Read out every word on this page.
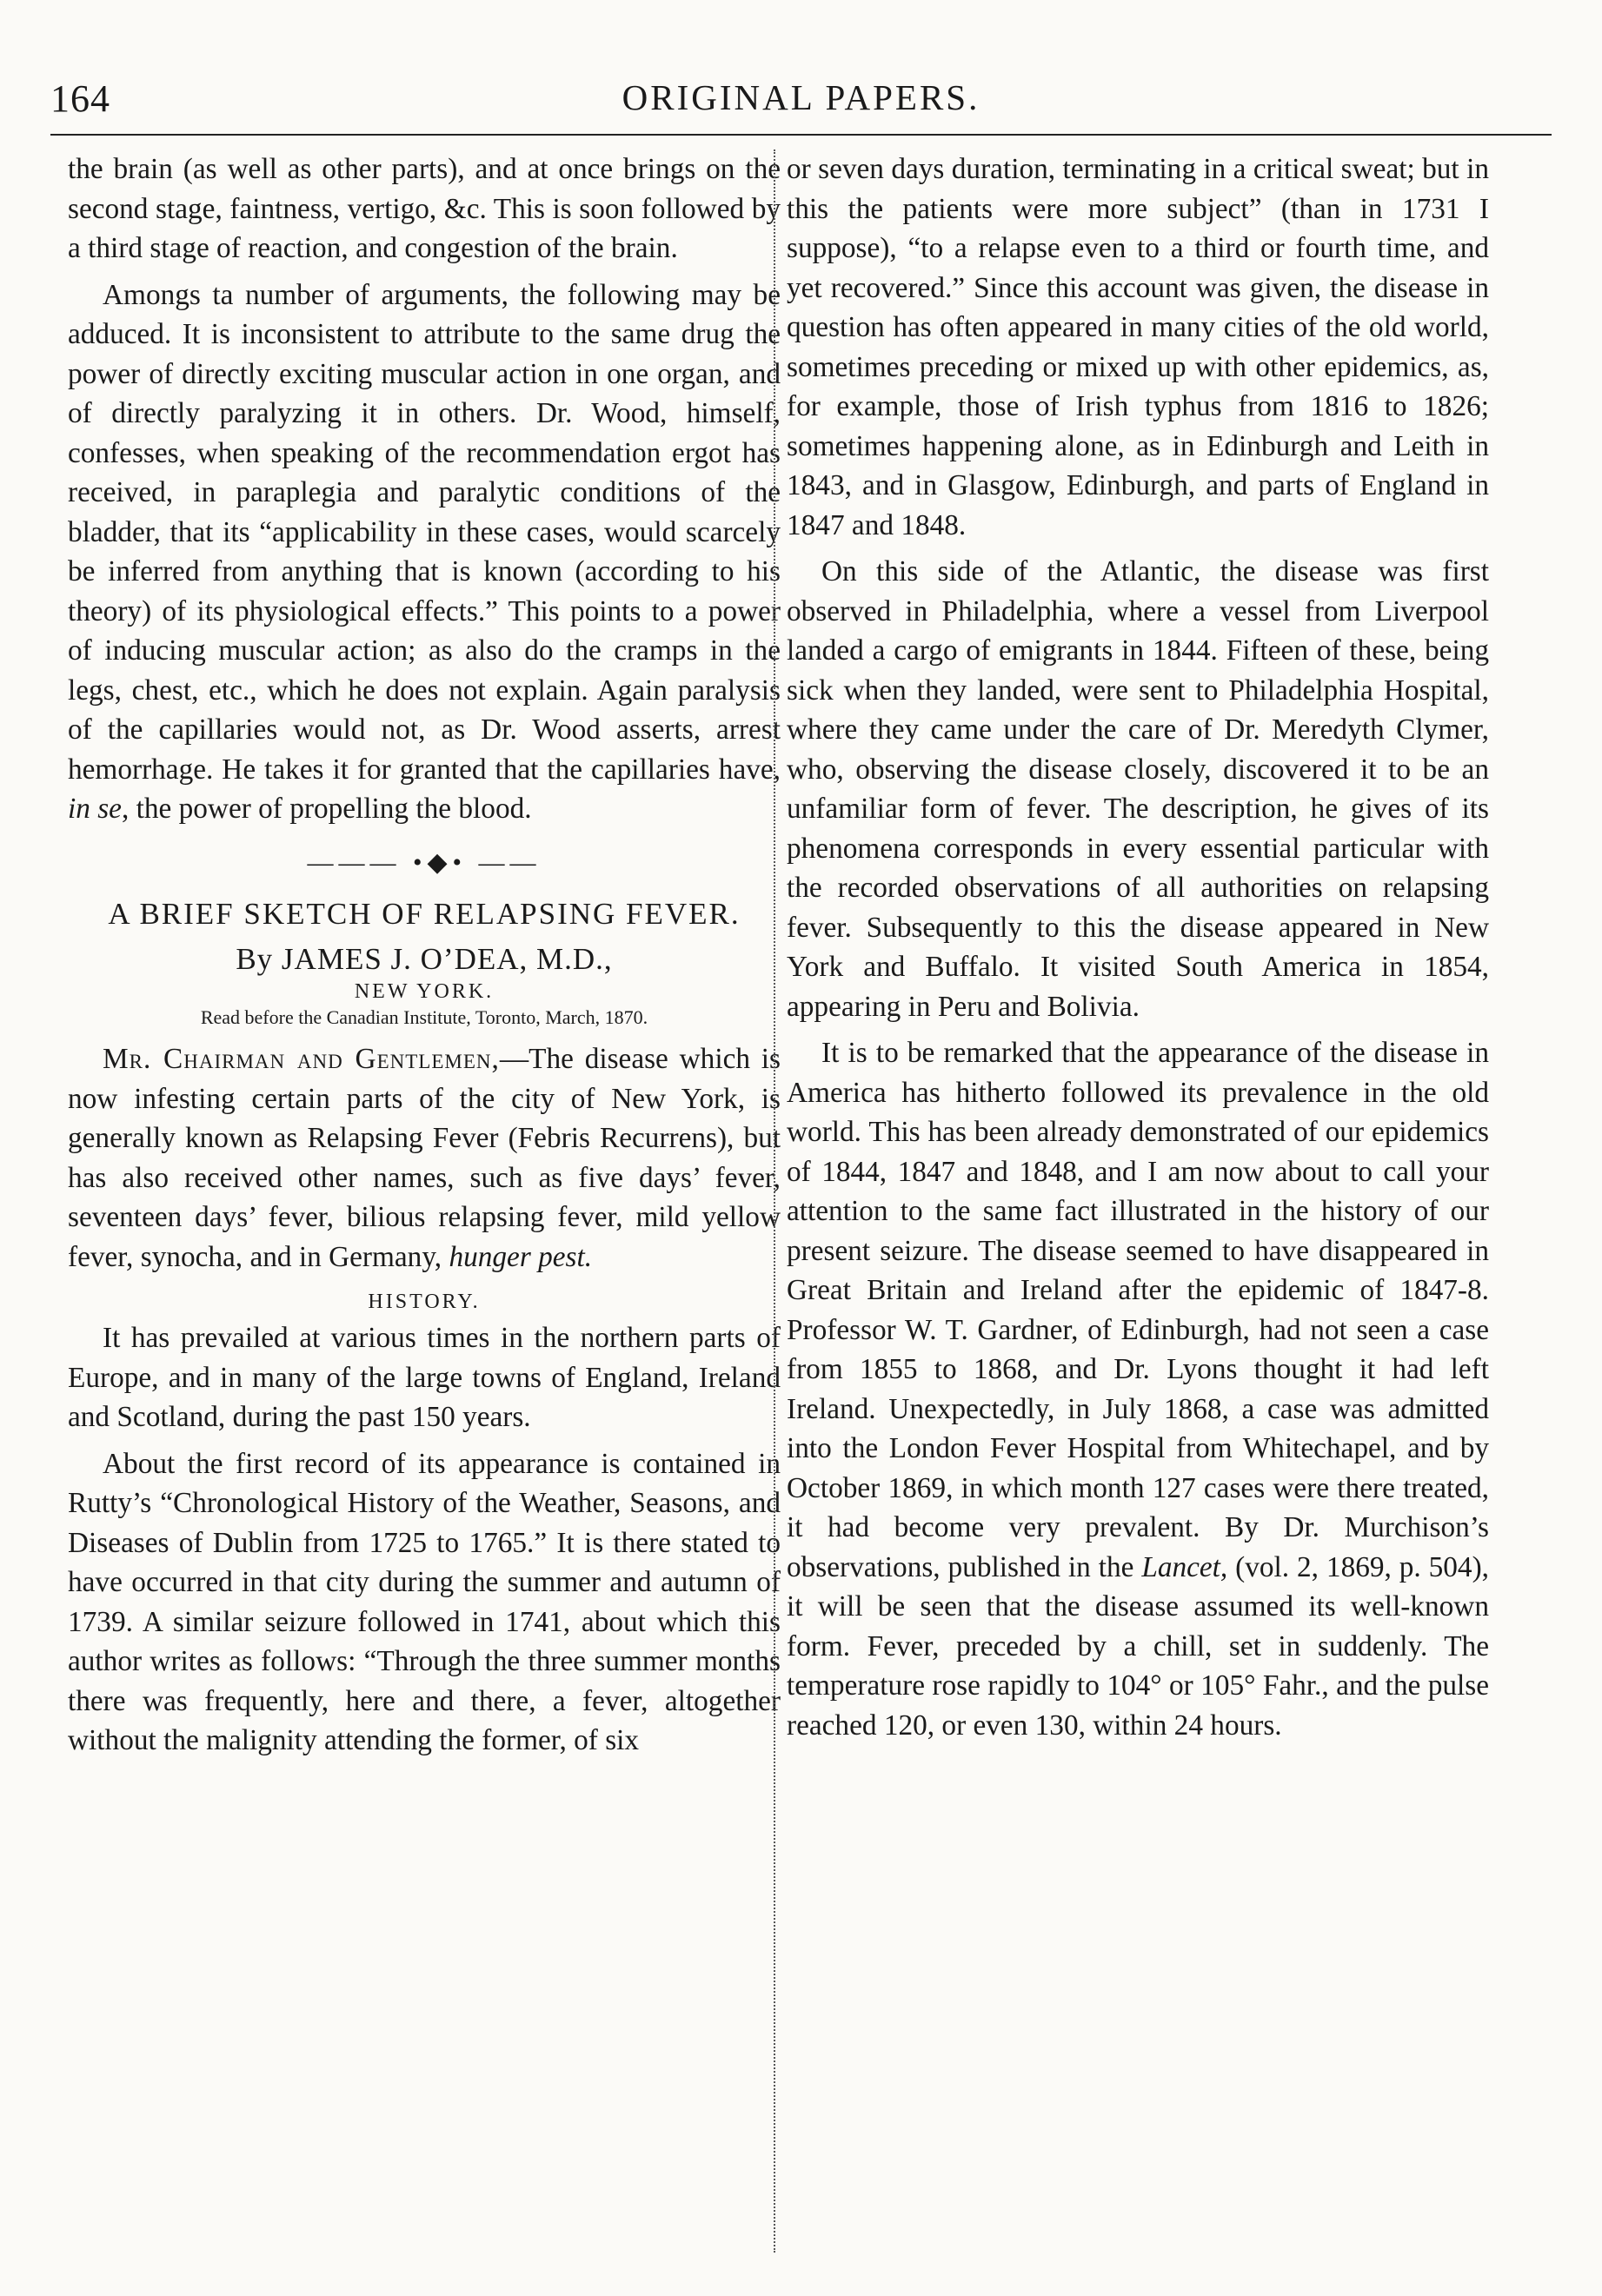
164	ORIGINAL PAPERS.

the brain (as well as other parts), and at once brings on the second stage, faintness, vertigo, &c. This is soon followed by a third stage of reaction, and congestion of the brain.

Amongs ta number of arguments, the following may be adduced. It is inconsistent to attribute to the same drug the power of directly exciting muscular action in one organ, and of directly paralyzing it in others. Dr. Wood, himself, confesses, when speaking of the recommendation ergot has received, in paraplegia and paralytic conditions of the bladder, that its “applicability in these cases, would scarcely be inferred from anything that is known (according to his theory) of its physiological effects.” This points to a power of inducing muscular action; as also do the cramps in the legs, chest, etc., which he does not explain. Again paralysis of the capillaries would not, as Dr. Wood asserts, arrest hemorrhage. He takes it for granted that the capillaries have, in se, the power of propelling the blood.

——— •◆• ——
A BRIEF SKETCH OF RELAPSING FEVER.
By JAMES J. O’DEA, M.D.,
NEW YORK.
Read before the Canadian Institute, Toronto, March, 1870.

Mr. Chairman and Gentlemen,—The disease which is now infesting certain parts of the city of New York, is generally known as Relapsing Fever (Febris Recurrens), but has also received other names, such as five days’ fever, seventeen days’ fever, bilious relapsing fever, mild yellow fever, synocha, and in Germany, hunger pest.

HISTORY.

It has prevailed at various times in the northern parts of Europe, and in many of the large towns of England, Ireland and Scotland, during the past 150 years.

About the first record of its appearance is contained in Rutty’s “Chronological History of the Weather, Seasons, and Diseases of Dublin from 1725 to 1765.” It is there stated to have occurred in that city during the summer and autumn of 1739. A similar seizure followed in 1741, about which this author writes as follows: “Through the three summer months there was frequently, here and there, a fever, altogether without the malignity attending the former, of six

or seven days duration, terminating in a critical sweat; but in this the patients were more subject” (than in 1731 I suppose), “to a relapse even to a third or fourth time, and yet recovered.” Since this account was given, the disease in question has often appeared in many cities of the old world, sometimes preceding or mixed up with other epidemics, as, for example, those of Irish typhus from 1816 to 1826; sometimes happening alone, as in Edinburgh and Leith in 1843, and in Glasgow, Edinburgh, and parts of England in 1847 and 1848.

On this side of the Atlantic, the disease was first observed in Philadelphia, where a vessel from Liverpool landed a cargo of emigrants in 1844. Fifteen of these, being sick when they landed, were sent to Philadelphia Hospital, where they came under the care of Dr. Meredyth Clymer, who, observing the disease closely, discovered it to be an unfamiliar form of fever. The description, he gives of its phenomena corresponds in every essential particular with the recorded observations of all authorities on relapsing fever. Subsequently to this the disease appeared in New York and Buffalo. It visited South America in 1854, appearing in Peru and Bolivia.

It is to be remarked that the appearance of the disease in America has hitherto followed its prevalence in the old world. This has been already demonstrated of our epidemics of 1844, 1847 and 1848, and I am now about to call your attention to the same fact illustrated in the history of our present seizure. The disease seemed to have disappeared in Great Britain and Ireland after the epidemic of 1847-8. Professor W. T. Gardner, of Edinburgh, had not seen a case from 1855 to 1868, and Dr. Lyons thought it had left Ireland. Unexpectedly, in July 1868, a case was admitted into the London Fever Hospital from Whitechapel, and by October 1869, in which month 127 cases were there treated, it had become very prevalent. By Dr. Murchison’s observations, published in the Lancet, (vol. 2, 1869, p. 504), it will be seen that the disease assumed its well-known form. Fever, preceded by a chill, set in suddenly. The temperature rose rapidly to 104° or 105° Fahr., and the pulse reached 120, or even 130, within 24 hours.
